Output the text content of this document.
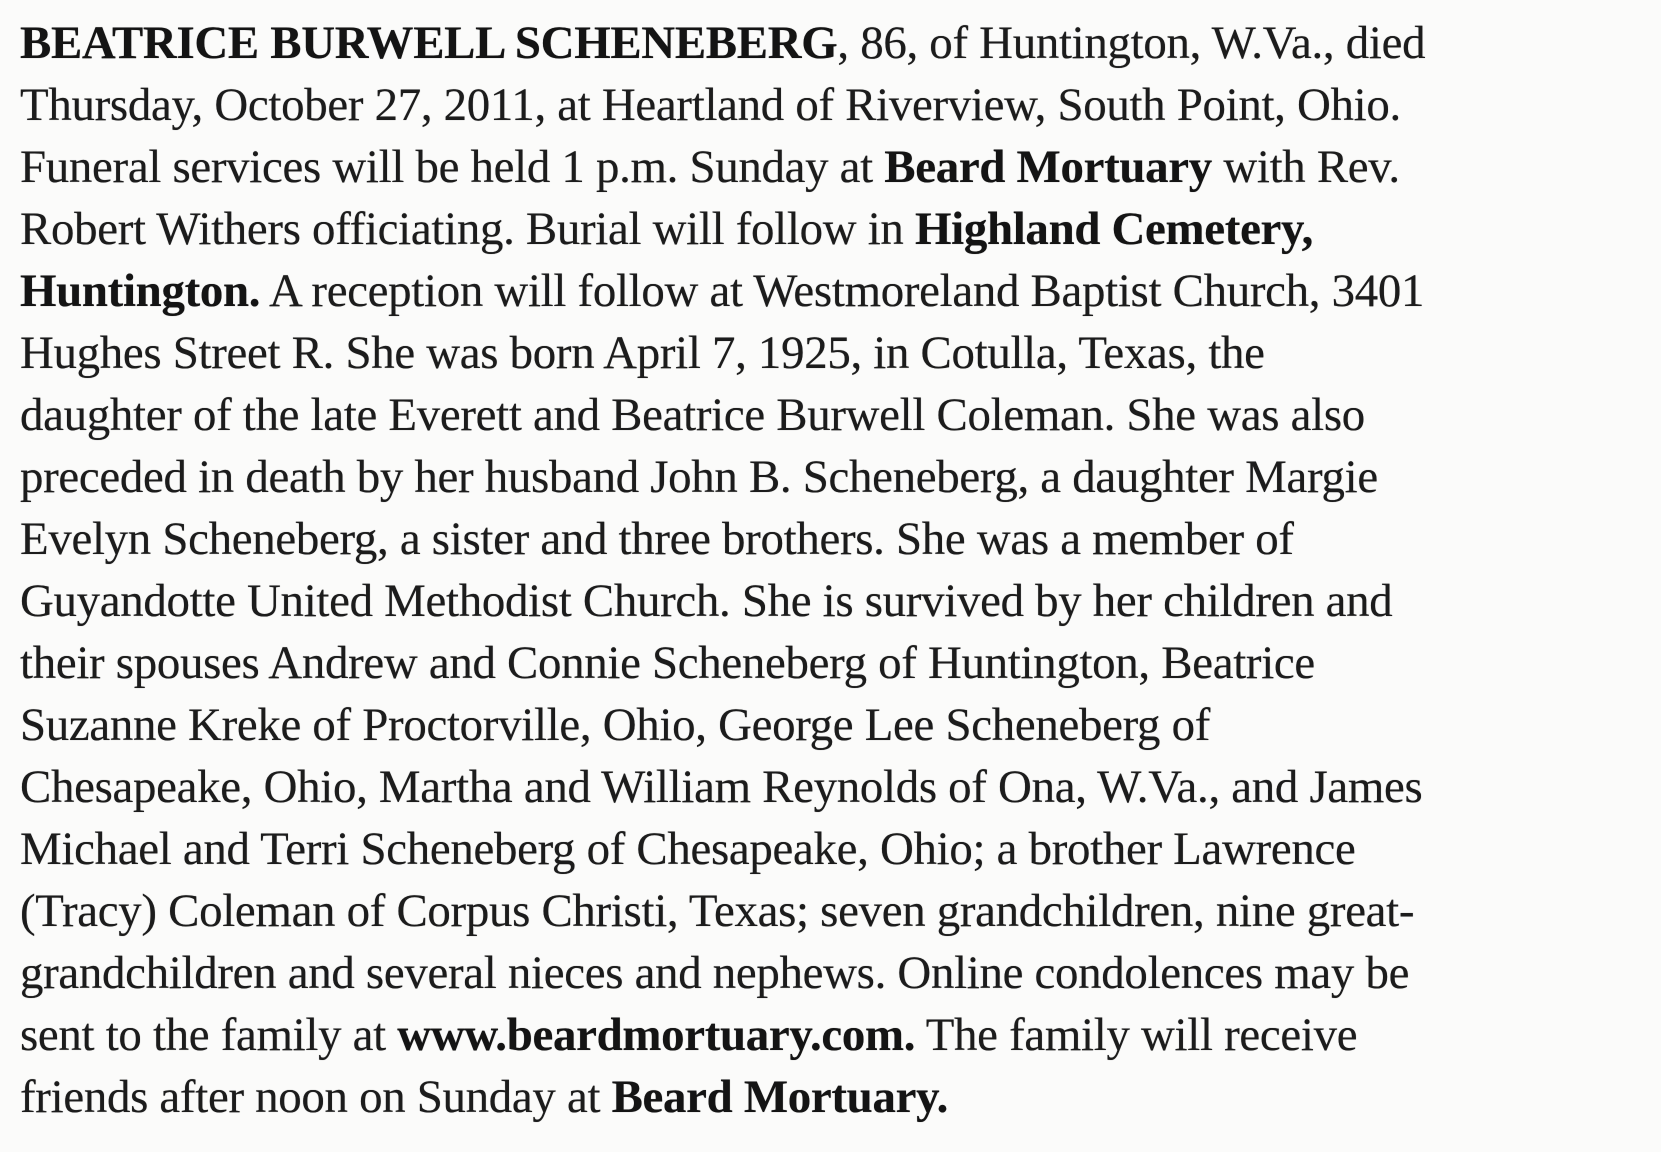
BEATRICE BURWELL SCHENEBERG, 86, of Huntington, W.Va., died
Thursday, October 27, 2011, at Heartland of Riverview, South Point, Ohio.
Funeral services will be held 1 p.m. Sunday at Beard Mortuary with Rev.
Robert Withers officiating. Burial will follow in Highland Cemetery,
Huntington. A reception will follow at Westmoreland Baptist Church, 3401
Hughes Street R. She was born April 7, 1925, in Cotulla, Texas, the
daughter of the late Everett and Beatrice Burwell Coleman. She was also
preceded in death by her husband John B. Scheneberg, a daughter Margie
Evelyn Scheneberg, a sister and three brothers. She was a member of
Guyandotte United Methodist Church. She is survived by her children and
their spouses Andrew and Connie Scheneberg of Huntington, Beatrice
Suzanne Kreke of Proctorville, Ohio, George Lee Scheneberg of
Chesapeake, Ohio, Martha and William Reynolds of Ona, W.Va., and James
Michael and Terri Scheneberg of Chesapeake, Ohio; a brother Lawrence
(Tracy) Coleman of Corpus Christi, Texas; seven grandchildren, nine great-
grandchildren and several nieces and nephews. Online condolences may be
sent to the family at www.beardmortuary.com. The family will receive
friends after noon on Sunday at Beard Mortuary.
